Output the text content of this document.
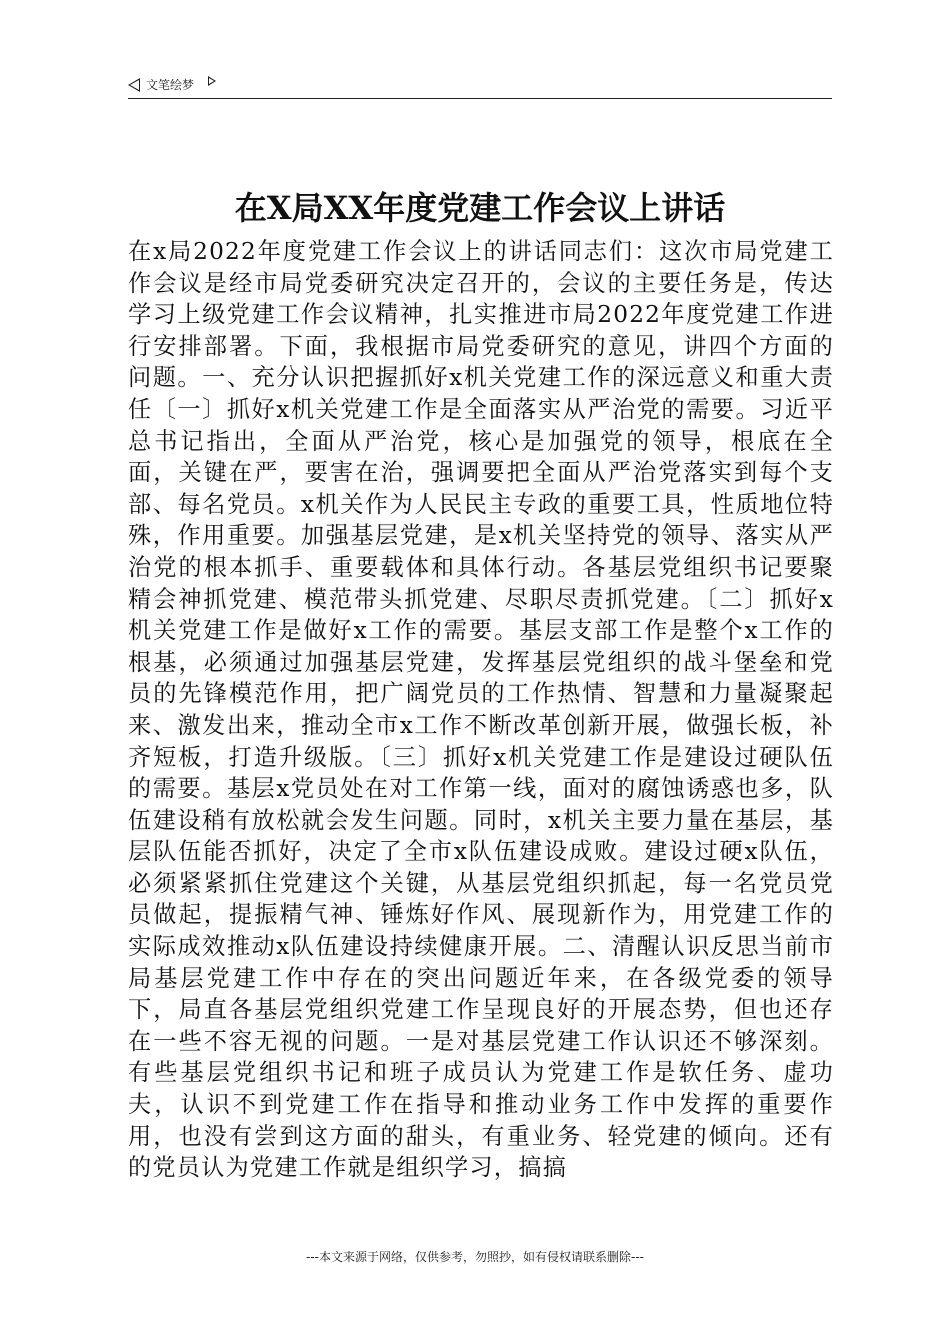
文笔绘梦
在X局XX年度党建工作会议上讲话

在x局2022年度党建工作会议上的讲话同志们：这次市局党建工作会议是经市局党委研究决定召开的，会议的主要任务是，传达学习上级党建工作会议精神，扎实推进市局2022年度党建工作进行安排部署。下面，我根据市局党委研究的意见，讲四个方面的问题。一、充分认识把握抓好x机关党建工作的深远意义和重大责任〔一〕抓好x机关党建工作是全面落实从严治党的需要。习近平总书记指出，全面从严治党，核心是加强党的领导，根底在全面，关键在严，要害在治，强调要把全面从严治党落实到每个支部、每名党员。x机关作为人民民主专政的重要工具，性质地位特殊，作用重要。加强基层党建，是x机关坚持党的领导、落实从严治党的根本抓手、重要载体和具体行动。各基层党组织书记要聚精会神抓党建、模范带头抓党建、尽职尽责抓党建。〔二〕抓好x机关党建工作是做好x工作的需要。基层支部工作是整个x工作的根基，必须通过加强基层党建，发挥基层党组织的战斗堡垒和党员的先锋模范作用，把广阔党员的工作热情、智慧和力量凝聚起来、激发出来，推动全市x工作不断改革创新开展，做强长板，补齐短板，打造升级版。〔三〕抓好x机关党建工作是建设过硬队伍的需要。基层x党员处在对工作第一线，面对的腐蚀诱惑也多，队伍建设稍有放松就会发生问题。同时，x机关主要力量在基层，基层队伍能否抓好，决定了全市x队伍建设成败。建设过硬x队伍，必须紧紧抓住党建这个关键，从基层党组织抓起，每一名党员党员做起，提振精气神、锤炼好作风、展现新作为，用党建工作的实际成效推动x队伍建设持续健康开展。二、清醒认识反思当前市局基层党建工作中存在的突出问题近年来，在各级党委的领导下，局直各基层党组织党建工作呈现良好的开展态势，但也还存在一些不容无视的问题。一是对基层党建工作认识还不够深刻。有些基层党组织书记和班子成员认为党建工作是软任务、虚功夫，认识不到党建工作在指导和推动业务工作中发挥的重要作用，也没有尝到这方面的甜头，有重业务、轻党建的倾向。还有的党员认为党建工作就是组织学习，搞搞

---本文来源于网络，仅供参考，勿照抄，如有侵权请联系删除---
